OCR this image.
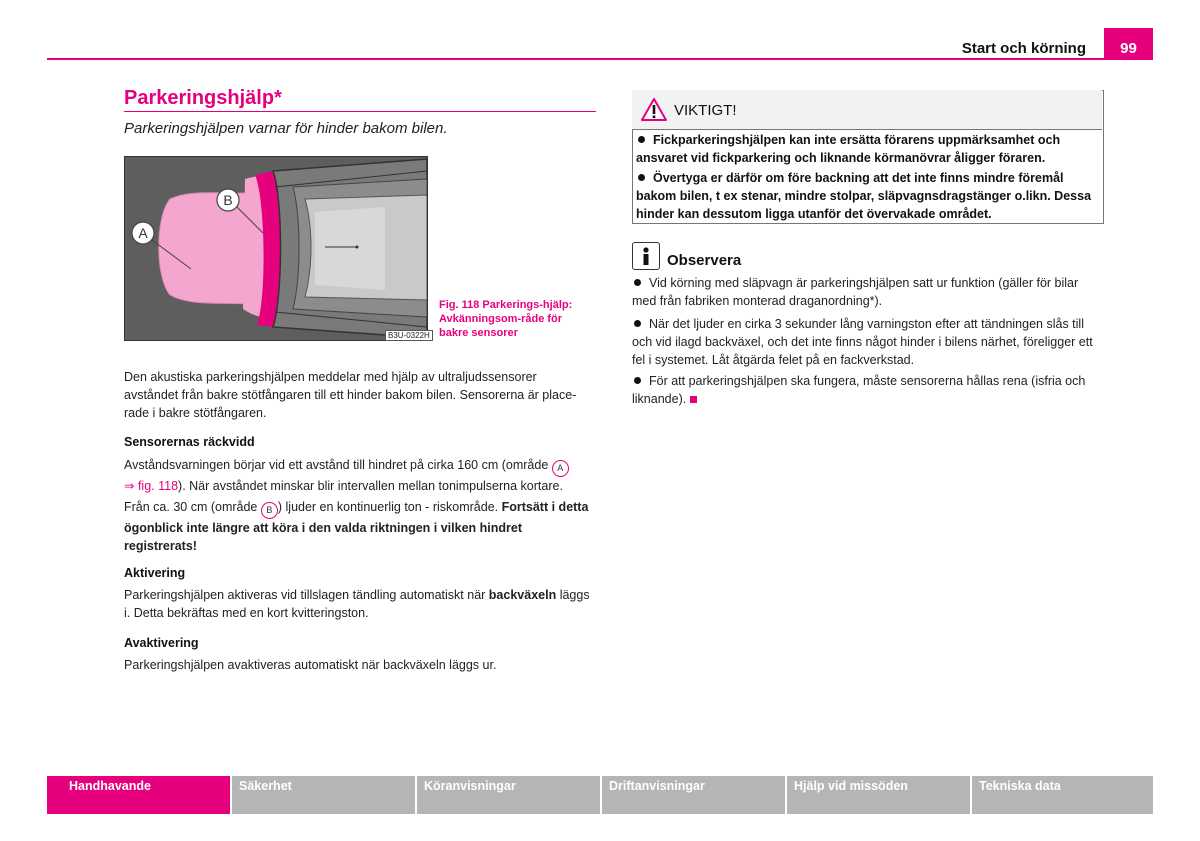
Start och körning	99
Parkeringshjälp*
Parkeringshjälpen varnar för hinder bakom bilen.
A
B
B3U-0322H
Fig. 118 Parkerings-hjälp: Avkänningsom-råde för bakre sensorer
Den akustiska parkeringshjälpen meddelar med hjälp av ultraljudssensorer avståndet från bakre stötfångaren till ett hinder bakom bilen. Sensorerna är place-rade i bakre stötfångaren.
Sensorernas räckvidd
Avståndsvarningen börjar vid ett avstånd till hindret på cirka 160 cm (område A
⇒ fig. 118). När avståndet minskar blir intervallen mellan tonimpulserna kortare.
Från ca. 30 cm (område B ) ljuder en kontinuerlig ton - riskområde. Fortsätt i detta ögonblick inte längre att köra i den valda riktningen i vilken hindret registrerats!
Aktivering
Parkeringshjälpen aktiveras vid tillslagen tändling automatiskt när backväxeln läggs i. Detta bekräftas med en kort kvitteringston.
Avaktivering
Parkeringshjälpen avaktiveras automatiskt när backväxeln läggs ur.
VIKTIGT!
Fickparkeringshjälpen kan inte ersätta förarens uppmärksamhet och ansvaret vid fickparkering och liknande körmanövrar åligger föraren.
Övertyga er därför om före backning att det inte finns mindre föremål bakom bilen, t ex stenar, mindre stolpar, släpvagnsdragstänger o.likn. Dessa hinder kan dessutom ligga utanför det övervakade området.
Observera
Vid körning med släpvagn är parkeringshjälpen satt ur funktion (gäller för bilar med från fabriken monterad draganordning*).
När det ljuder en cirka 3 sekunder lång varningston efter att tändningen slås till och vid ilagd backväxel, och det inte finns något hinder i bilens närhet, föreligger ett fel i systemet. Låt åtgärda felet på en fackverkstad.
För att parkeringshjälpen ska fungera, måste sensorerna hållas rena (isfria och liknande).
Handhavande	Säkerhet	Köranvisningar	Driftanvisningar	Hjälp vid missöden	Tekniska data
